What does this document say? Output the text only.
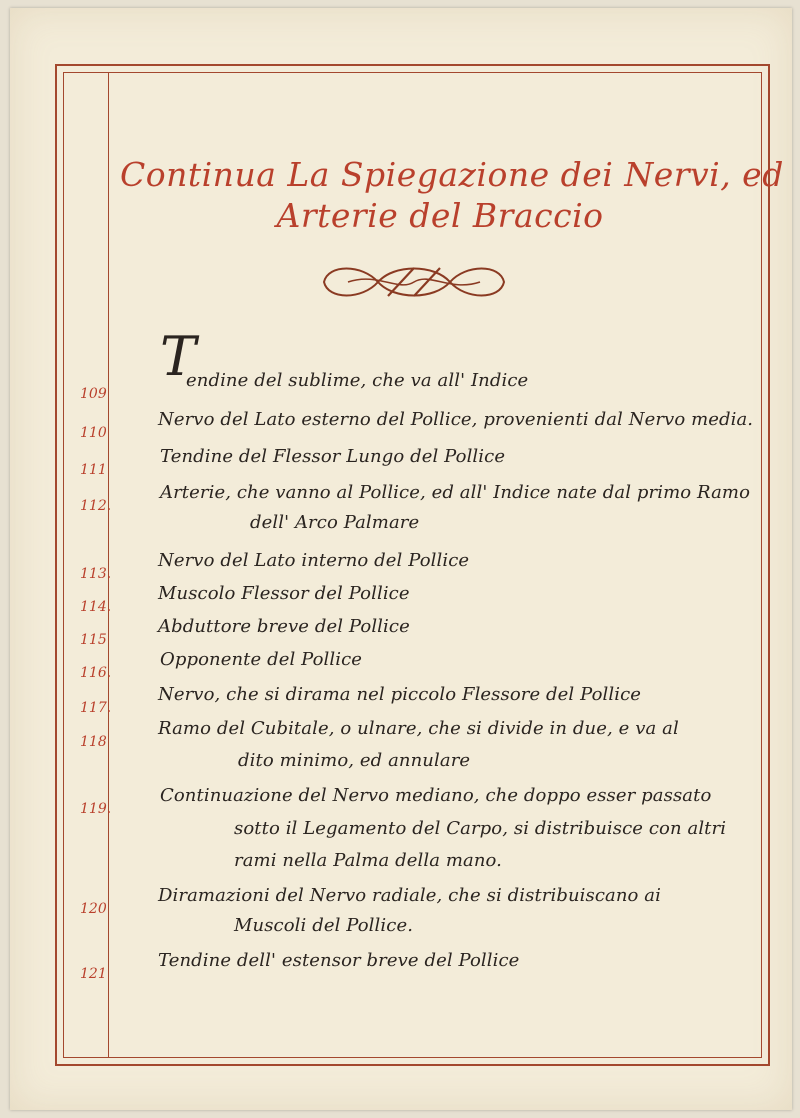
Continua La Spiegazione dei Nervi, ed
Arterie del Braccio
T
109
endine del sublime, che va all' Indice
110
Nervo del Lato esterno del Pollice, provenienti dal Nervo media.
111
Tendine del Flessor Lungo del Pollice
112.
Arterie, che vanno al Pollice, ed all' Indice nate dal primo Ramo
dell' Arco Palmare
113.
Nervo del Lato interno del Pollice
114.
Muscolo Flessor del Pollice
115
Abduttore breve del Pollice
116.
Opponente del Pollice
117.
Nervo, che si dirama nel piccolo Flessore del Pollice
118
Ramo del Cubitale, o ulnare, che si divide in due, e va al
dito minimo, ed annulare
119.
Continuazione del Nervo mediano, che doppo esser passato
sotto il Legamento del Carpo, si distribuisce con altri
rami nella Palma della mano.
120
Diramazioni del Nervo radiale, che si distribuiscano ai
Muscoli del Pollice.
121
Tendine dell' estensor breve del Pollice
